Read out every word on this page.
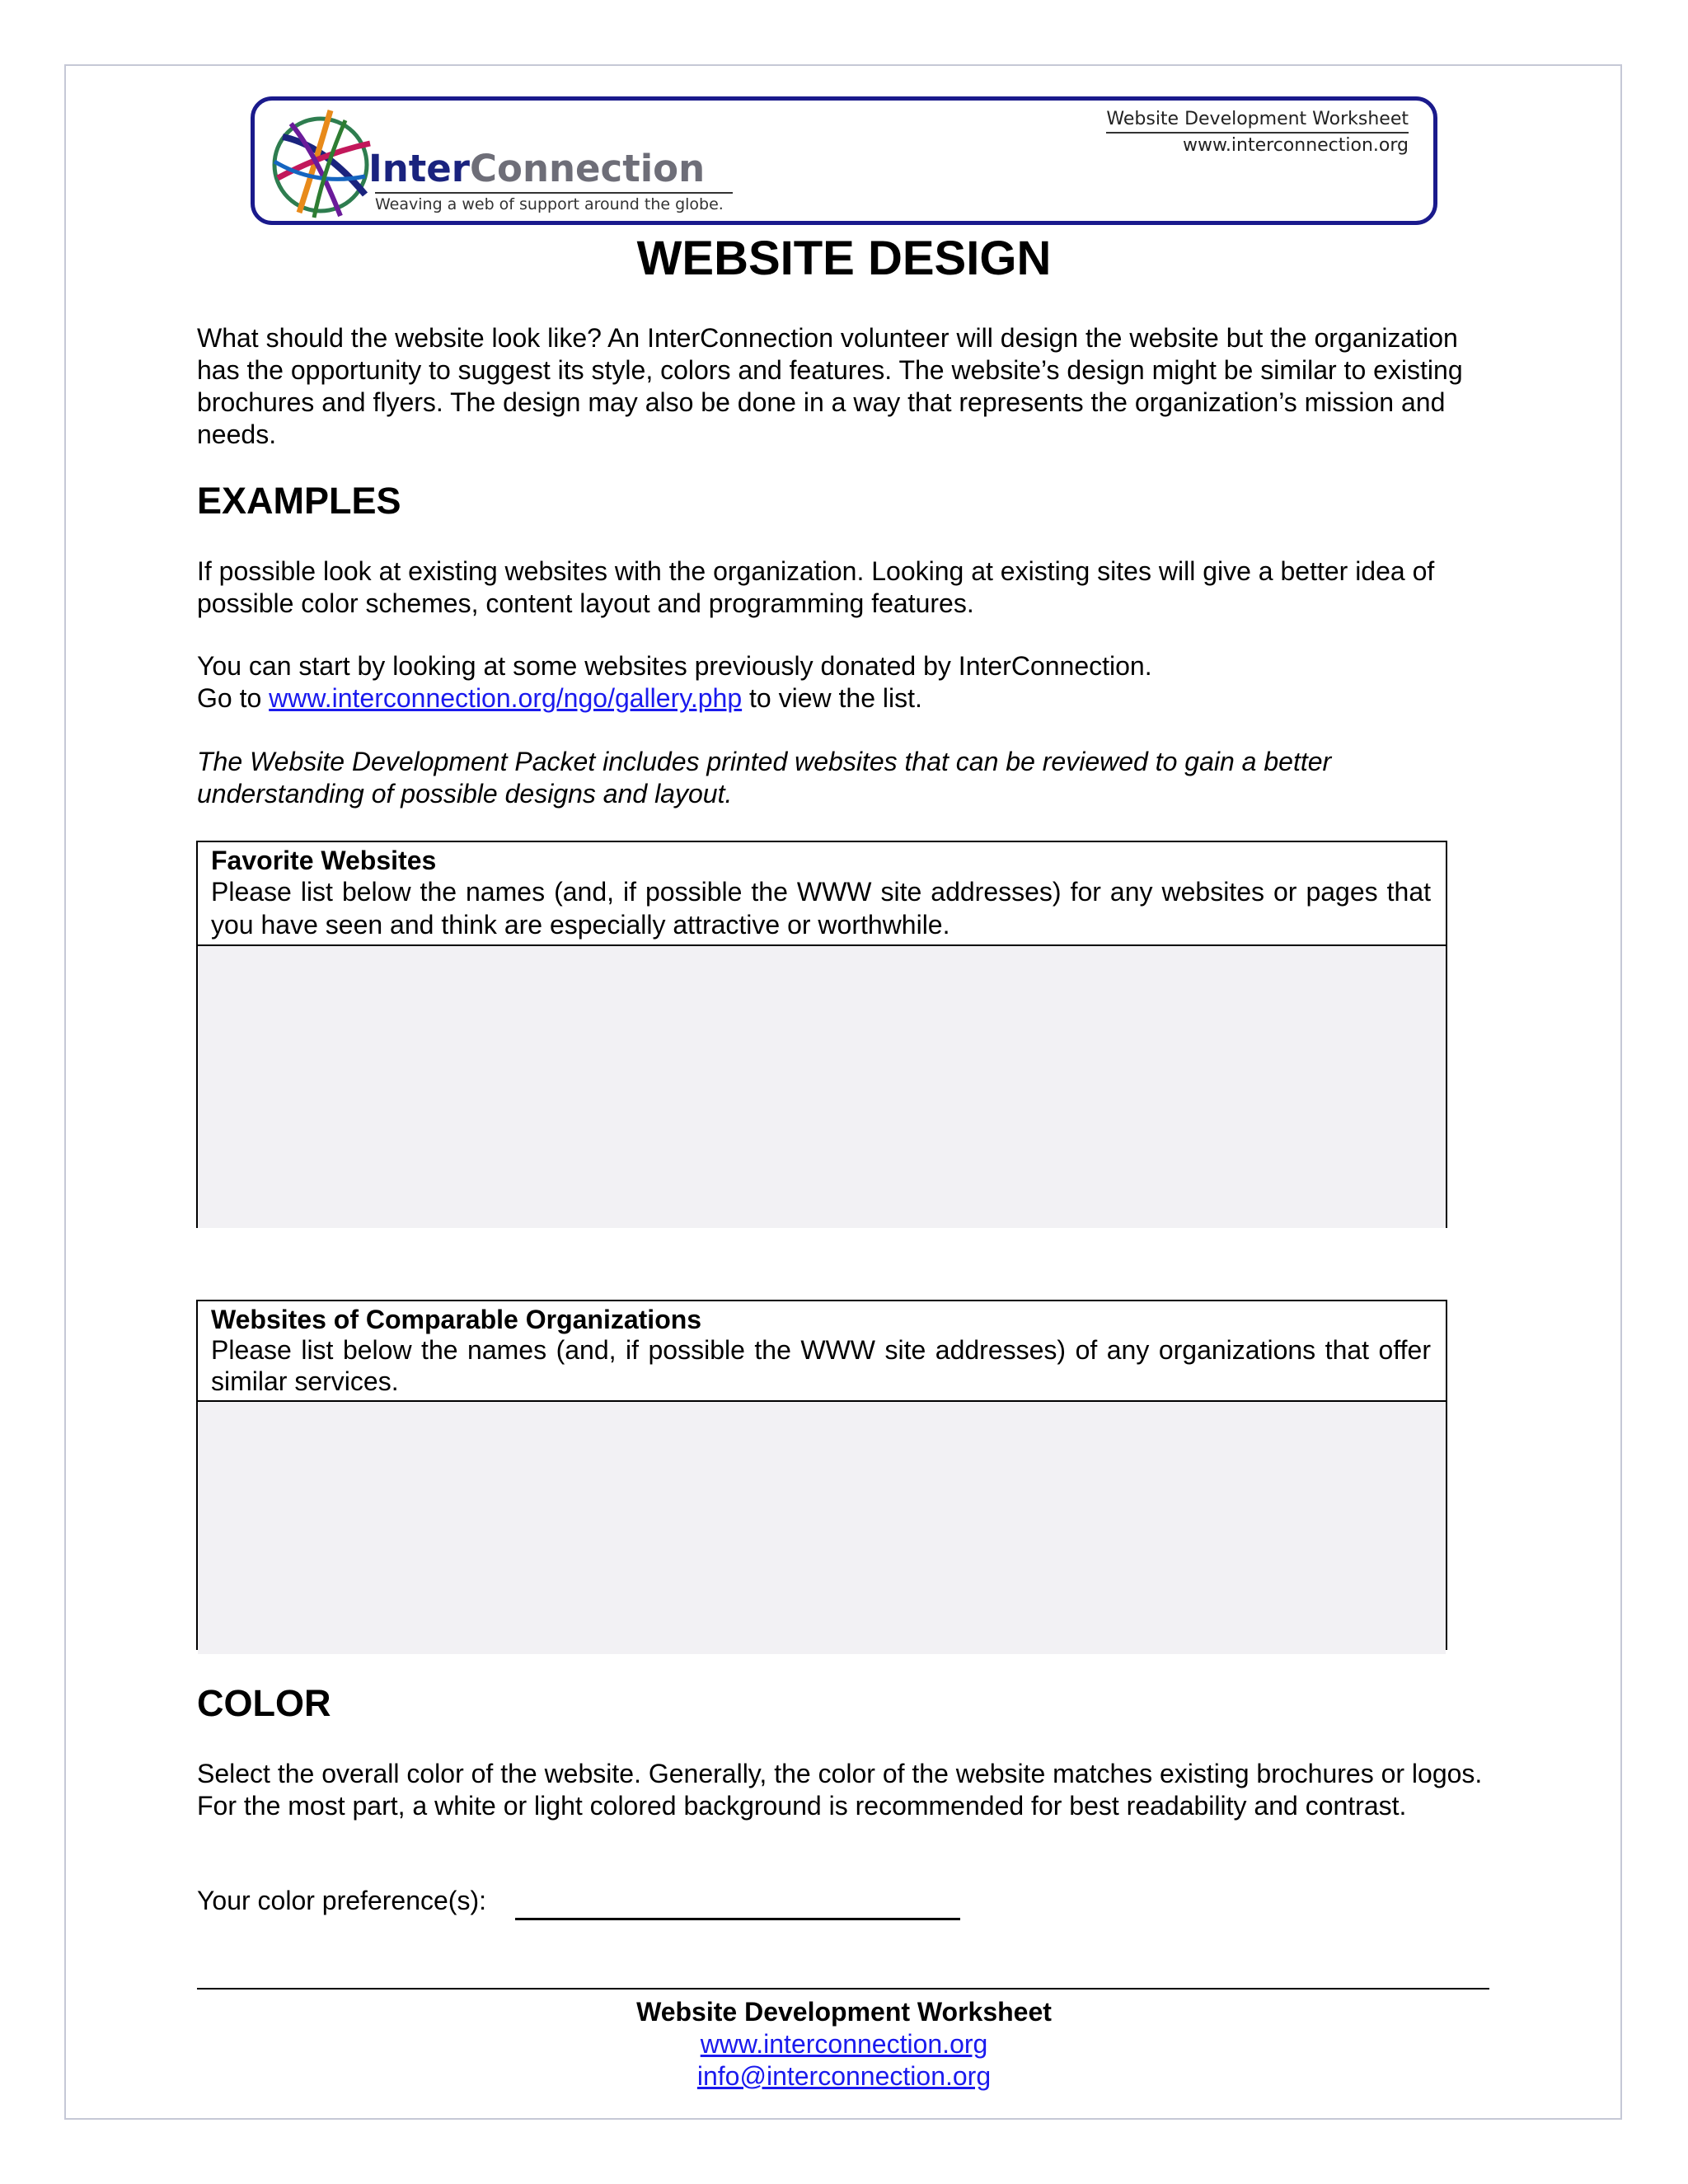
InterConnection
Weaving a web of support around the globe.
Website Development Worksheet
www.interconnection.org
WEBSITE DESIGN
What should the website look like? An InterConnection volunteer will design the website but the organization has the opportunity to suggest its style, colors and features. The website’s design might be similar to existing brochures and flyers. The design may also be done in a way that represents the organization’s mission and needs.
EXAMPLES
If possible look at existing websites with the organization. Looking at existing sites will give a better idea of possible color schemes, content layout and programming features.
You can start by looking at some websites previously donated by InterConnection.
Go to www.interconnection.org/ngo/gallery.php to view the list.
The Website Development Packet includes printed websites that can be reviewed to gain a better understanding of possible designs and layout.
Favorite Websites
Please list below the names (and, if possible the WWW site addresses) for any websites or pages that you have seen and think are especially attractive or worthwhile.
Websites of Comparable Organizations
Please list below the names (and, if possible the WWW site addresses) of any organizations that offer similar services.
COLOR
Select the overall color of the website. Generally, the color of the website matches existing brochures or logos. For the most part, a white or light colored background is recommended for best readability and contrast.
Your color preference(s):
Website Development Worksheet
www.interconnection.org
info@interconnection.org
